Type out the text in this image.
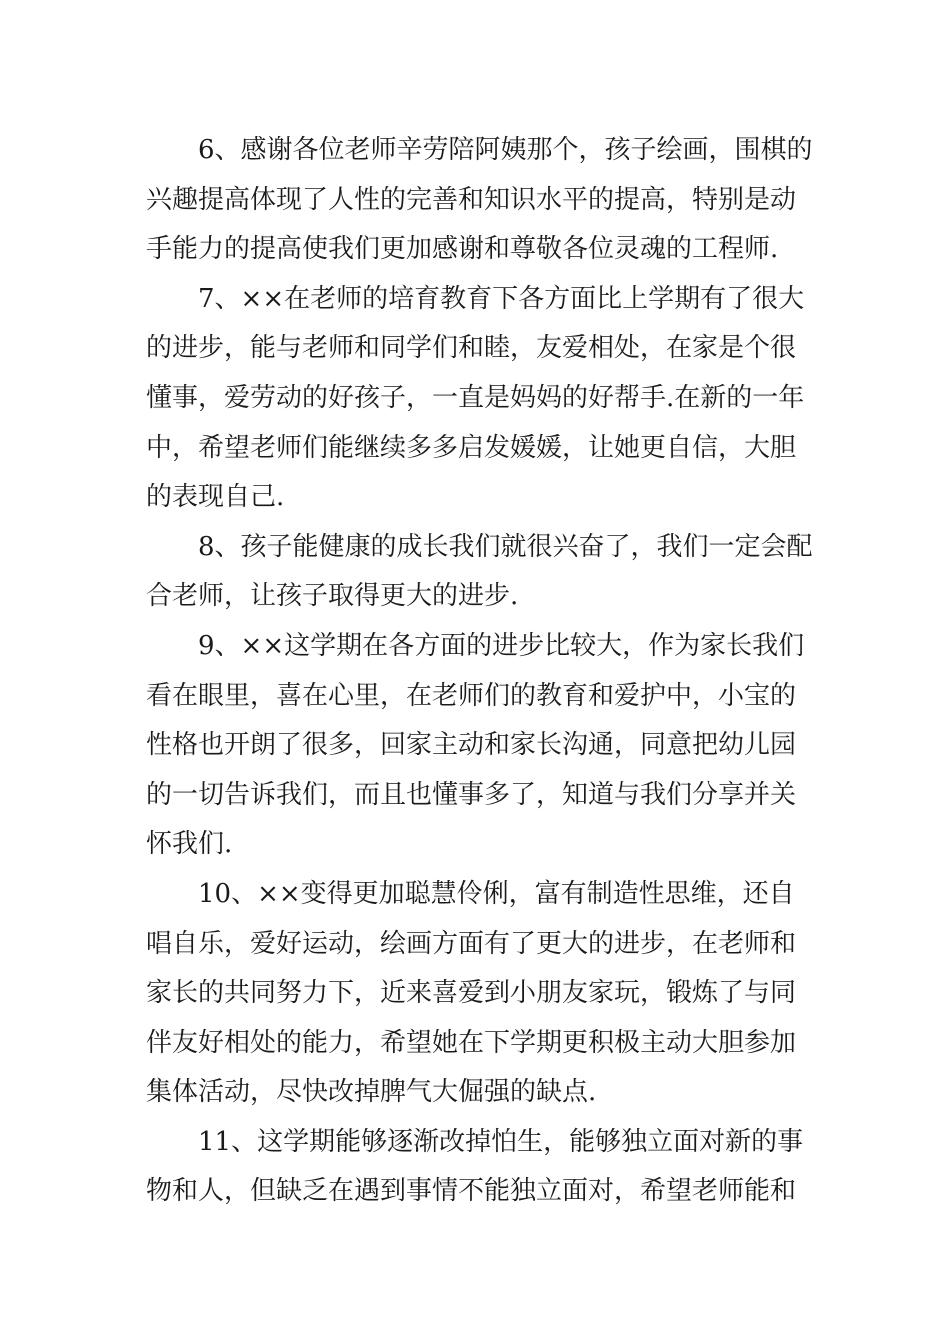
6、感谢各位老师辛劳陪阿姨那个，孩子绘画，围棋的
兴趣提高体现了人性的完善和知识水平的提高，特别是动
手能力的提高使我们更加感谢和尊敬各位灵魂的工程师.

7、××在老师的培育教育下各方面比上学期有了很大
的进步，能与老师和同学们和睦，友爱相处，在家是个很
懂事，爱劳动的好孩子，一直是妈妈的好帮手.在新的一年
中，希望老师们能继续多多启发媛媛，让她更自信，大胆
的表现自己.

8、孩子能健康的成长我们就很兴奋了，我们一定会配
合老师，让孩子取得更大的进步.

9、××这学期在各方面的进步比较大，作为家长我们
看在眼里，喜在心里，在老师们的教育和爱护中，小宝的
性格也开朗了很多，回家主动和家长沟通，同意把幼儿园
的一切告诉我们，而且也懂事多了，知道与我们分享并关
怀我们.

10、××变得更加聪慧伶俐，富有制造性思维，还自
唱自乐，爱好运动，绘画方面有了更大的进步，在老师和
家长的共同努力下，近来喜爱到小朋友家玩，锻炼了与同
伴友好相处的能力，希望她在下学期更积极主动大胆参加
集体活动，尽快改掉脾气大倔强的缺点.

11、这学期能够逐渐改掉怕生，能够独立面对新的事
物和人，但缺乏在遇到事情不能独立面对，希望老师能和
